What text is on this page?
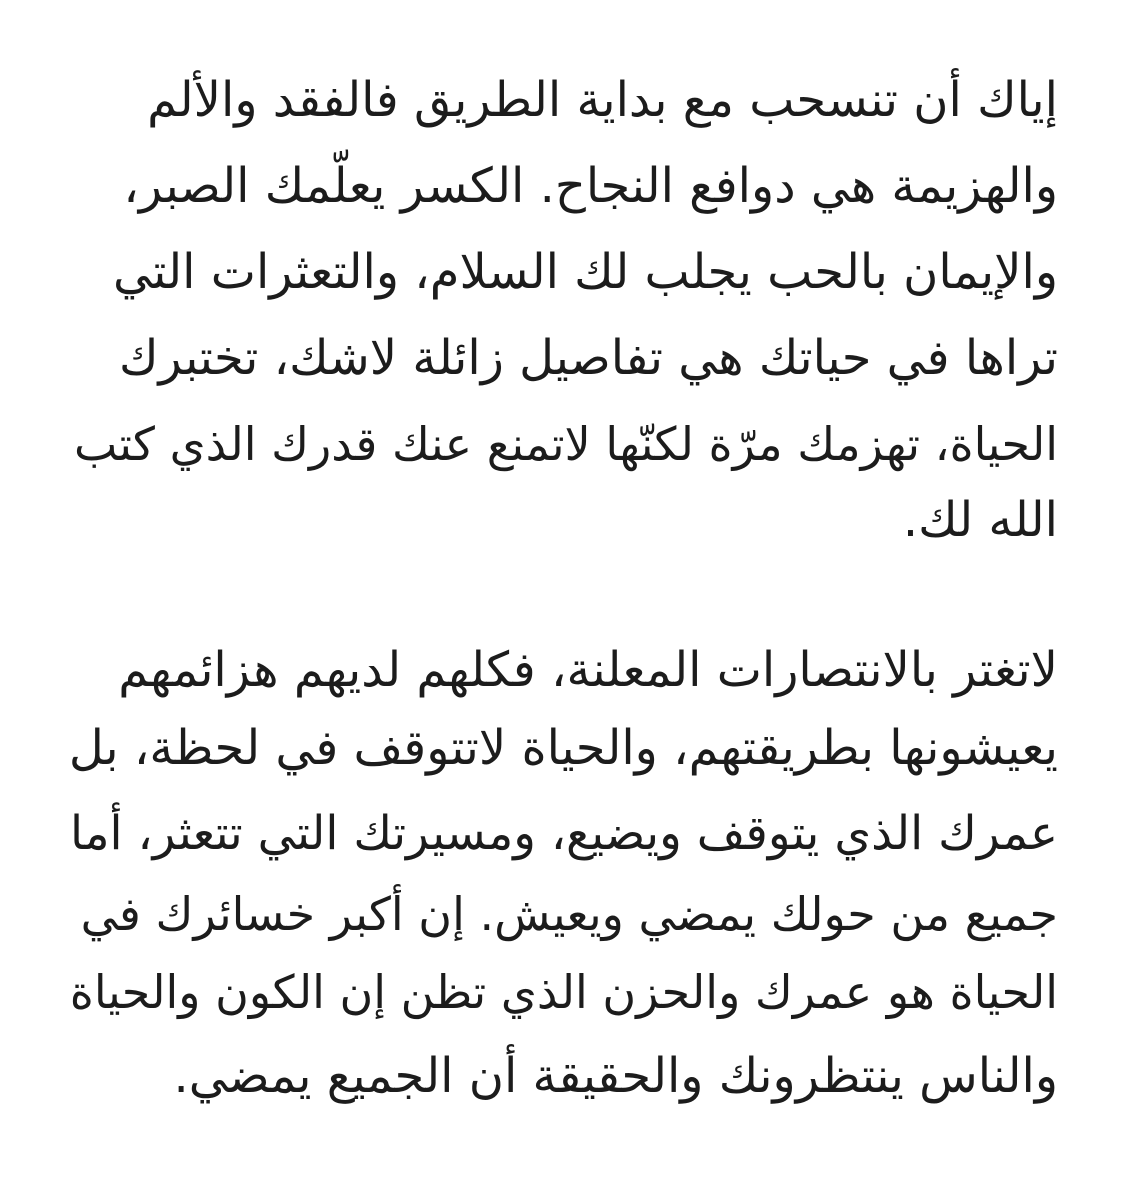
إياك أن تنسحب مع بداية الطريق فالفقد والألم

والهزيمة هي دوافع النجاح. الكسر يعلّمك الصبر،

والإيمان بالحب يجلب لك السلام، والتعثرات التي

تراها في حياتك هي تفاصيل زائلة لاشك، تختبرك

الحياة، تهزمك مرّة لكنّها لاتمنع عنك قدرك الذي كتب

الله لك.

لاتغتر بالانتصارات المعلنة، فكلهم لديهم هزائمهم

يعيشونها بطريقتهم، والحياة لاتتوقف في لحظة، بل

عمرك الذي يتوقف ويضيع، ومسيرتك التي تتعثر، أما

جميع من حولك يمضي ويعيش. إن أكبر خسائرك في

الحياة هو عمرك والحزن الذي تظن إن الكون والحياة

والناس ينتظرونك والحقيقة أن الجميع يمضي.
